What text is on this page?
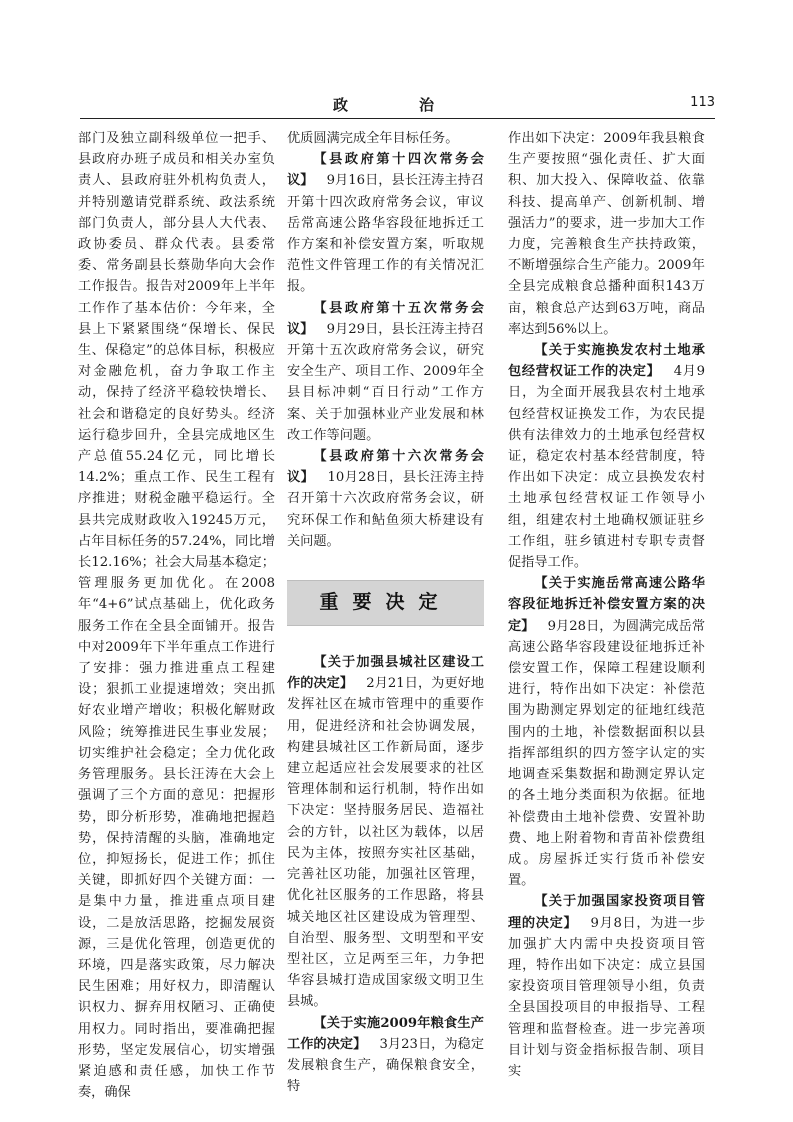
政　治	113

部门及独立副科级单位一把手、县政府办班子成员和相关办室负责人、县政府驻外机构负责人，并特别邀请党群系统、政法系统部门负责人，部分县人大代表、政协委员、群众代表。县委常委、常务副县长蔡勋华向大会作工作报告。报告对2009年上半年工作作了基本估价：今年来，全县上下紧紧围绕“保增长、保民生、保稳定”的总体目标，积极应对金融危机，奋力争取工作主动，保持了经济平稳较快增长、社会和谐稳定的良好势头。经济运行稳步回升，全县完成地区生产总值55.24亿元，同比增长14.2%；重点工作、民生工程有序推进；财税金融平稳运行。全县共完成财政收入19245万元，占年目标任务的57.24%，同比增长12.16%；社会大局基本稳定；管理服务更加优化。在2008年“4+6”试点基础上，优化政务服务工作在全县全面铺开。报告中对2009年下半年重点工作进行了安排：强力推进重点工程建设；狠抓工业提速增效；突出抓好农业增产增收；积极化解财政风险；统筹推进民生事业发展；切实维护社会稳定；全力优化政务管理服务。县长汪涛在大会上强调了三个方面的意见：把握形势，即分析形势，准确地把握趋势，保持清醒的头脑，准确地定位，抑短扬长，促进工作；抓住关键，即抓好四个关键方面：一是集中力量，推进重点项目建设，二是放活思路，挖掘发展资源，三是优化管理，创造更优的环境，四是落实政策，尽力解决民生困难；用好权力，即清醒认识权力、摒弃用权陋习、正确使用权力。同时指出，要准确把握形势，坚定发展信心，切实增强紧迫感和责任感，加快工作节奏，确保

优质圆满完成全年目标任务。

【县政府第十四次常务会议】  9月16日，县长汪涛主持召开第十四次政府常务会议，审议岳常高速公路华容段征地拆迁工作方案和补偿安置方案，听取规范性文件管理工作的有关情况汇报。

【县政府第十五次常务会议】  9月29日，县长汪涛主持召开第十五次政府常务会议，研究安全生产、项目工作、2009年全县目标冲刺“百日行动”工作方案、关于加强林业产业发展和林改工作等问题。

【县政府第十六次常务会议】  10月28日，县长汪涛主持召开第十六次政府常务会议，研究环保工作和鲇鱼须大桥建设有关问题。

重要决定

【关于加强县城社区建设工作的决定】  2月21日，为更好地发挥社区在城市管理中的重要作用，促进经济和社会协调发展，构建县城社区工作新局面，逐步建立起适应社会发展要求的社区管理体制和运行机制，特作出如下决定：坚持服务居民、造福社会的方针，以社区为载体，以居民为主体，按照夯实社区基础，完善社区功能，加强社区管理，优化社区服务的工作思路，将县城关地区社区建设成为管理型、自治型、服务型、文明型和平安型社区，立足两至三年，力争把华容县城打造成国家级文明卫生县城。

【关于实施2009年粮食生产工作的决定】  3月23日，为稳定发展粮食生产，确保粮食安全，特

作出如下决定：2009年我县粮食生产要按照“强化责任、扩大面积、加大投入、保障收益、依靠科技、提高单产、创新机制、增强活力”的要求，进一步加大工作力度，完善粮食生产扶持政策，不断增强综合生产能力。2009年全县完成粮食总播种面积143万亩，粮食总产达到63万吨，商品率达到56%以上。

【关于实施换发农村土地承包经营权证工作的决定】  4月9日，为全面开展我县农村土地承包经营权证换发工作，为农民提供有法律效力的土地承包经营权证，稳定农村基本经营制度，特作出如下决定：成立县换发农村土地承包经营权证工作领导小组，组建农村土地确权颁证驻乡工作组，驻乡镇进村专职专责督促指导工作。

【关于实施岳常高速公路华容段征地拆迁补偿安置方案的决定】  9月28日，为圆满完成岳常高速公路华容段建设征地拆迁补偿安置工作，保障工程建设顺利进行，特作出如下决定：补偿范围为勘测定界划定的征地红线范围内的土地，补偿数据面积以县指挥部组织的四方签字认定的实地调查采集数据和勘测定界认定的各土地分类面积为依据。征地补偿费由土地补偿费、安置补助费、地上附着物和青苗补偿费组成。房屋拆迁实行货币补偿安置。

【关于加强国家投资项目管理的决定】  9月8日，为进一步加强扩大内需中央投资项目管理，特作出如下决定：成立县国家投资项目管理领导小组，负责全县国投项目的申报指导、工程管理和监督检查。进一步完善项目计划与资金指标报告制、项目实
